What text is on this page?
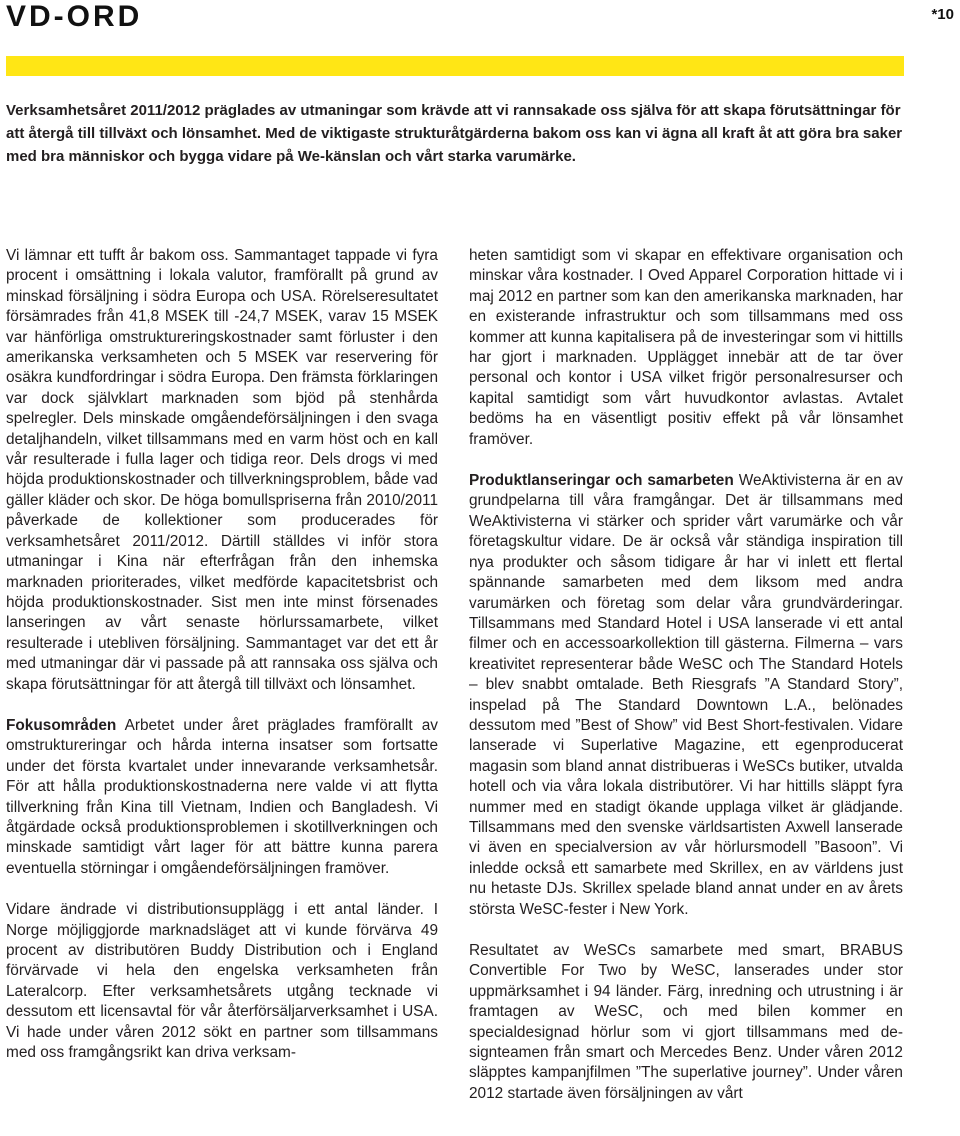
VD-ORD	*10

Verksamhetsåret 2011/2012 präglades av utmaningar som krävde att vi rannsakade oss själva för att skapa förutsättningar för att återgå till tillväxt och lönsamhet. Med de viktigaste strukturåtgärderna bakom oss kan vi ägna all kraft åt att göra bra saker med bra människor och bygga vidare på We-känslan och vårt starka varumärke.

Vi lämnar ett tufft år bakom oss. Sammantaget tappade vi fyra procent i omsättning i lokala valutor, framförallt på grund av minskad försäljning i södra Europa och USA. Rörelseresultatet försämrades från 41,8 MSEK till -24,7 MSEK, varav 15 MSEK var hänförliga omstruktureringskostnader samt förluster i den amerikanska verksamheten och 5 MSEK var reservering för osäkra kundfordringar i södra Europa. Den främsta förklaringen var dock självklart marknaden som bjöd på stenhårda spelregler. Dels minskade omgåendeförsäljningen i den svaga detaljhandeln, vilket tillsammans med en varm höst och en kall vår resulterade i fulla lager och tidiga reor. Dels drogs vi med höjda produktionskostnader och tillverkningsproblem, både vad gäller kläder och skor. De höga bomullspriserna från 2010/2011 påverkade de kollektioner som producerades för verksamhetsåret 2011/2012. Därtill ställdes vi inför stora utmaningar i Kina när efterfrågan från den inhemska marknaden prioriterades, vilket medförde kapacitetsbrist och höjda produktionskostnader. Sist men inte minst försenades lanseringen av vårt senaste hörlurssamarbete, vilket resulterade i utebliven försäljning. Sammantaget var det ett år med utmaningar där vi passade på att rannsaka oss själva och skapa förutsättningar för att återgå till tillväxt och lönsamhet.

Fokusområden Arbetet under året präglades framförallt av omstruktureringar och hårda interna insatser som fortsatte under det första kvartalet under innevarande verksamhetsår. För att hålla produktionskostnaderna nere valde vi att flytta tillverkning från Kina till Vietnam, Indien och Bangladesh. Vi åtgärdade också produktionsproblemen i skotillverkningen och minskade samtidigt vårt lager för att bättre kunna parera eventuella störningar i omgåendeförsäljningen framöver.

Vidare ändrade vi distributionsupplägg i ett antal länder. I Norge möjliggjorde marknadsläget att vi kunde förvärva 49 procent av distributören Buddy Distribution och i England förvärvade vi hela den engelska verksamheten från Lateralcorp. Efter verksamhetsårets utgång tecknade vi dessutom ett licensavtal för vår återförsäljarverksamhet i USA. Vi hade under våren 2012 sökt en partner som tillsammans med oss framgångsrikt kan driva verksam-

heten samtidigt som vi skapar en effektivare organisation och minskar våra kostnader. I Oved Apparel Corporation hittade vi i maj 2012 en partner som kan den amerikanska marknaden, har en existerande infrastruktur och som tillsammans med oss kommer att kunna kapitalisera på de investeringar som vi hittills har gjort i marknaden. Upplägget innebär att de tar över personal och kontor i USA vilket frigör personalresurser och kapital samtidigt som vårt huvudkontor avlastas. Avtalet bedöms ha en väsentligt positiv effekt på vår lönsamhet framöver.

Produktlanseringar och samarbeten WeAktivisterna är en av grundpelarna till våra framgångar. Det är tillsammans med WeAktivisterna vi stärker och sprider vårt varumärke och vår företagskultur vidare. De är också vår ständiga inspiration till nya produkter och såsom tidigare år har vi inlett ett flertal spännande samarbeten med dem liksom med andra varumärken och företag som delar våra grundvärderingar. Tillsammans med Standard Hotel i USA lanserade vi ett antal filmer och en accessoarkollektion till gästerna. Filmerna – vars kreativitet representerar både WeSC och The Standard Hotels – blev snabbt omtalade. Beth Riesgrafs ”A Standard Story”, inspelad på The Standard Downtown L.A., belönades dessutom med ”Best of Show” vid Best Short-festivalen. Vidare lanserade vi Superlative Magazine, ett egenproducerat magasin som bland annat distribueras i WeSCs butiker, utvalda hotell och via våra lokala distributörer. Vi har hittills släppt fyra nummer med en stadigt ökande upplaga vilket är glädjande. Tillsammans med den svenske världsartisten Axwell lanserade vi även en specialversion av vår hörlursmodell ”Basoon”. Vi inledde också ett samarbete med Skrillex, en av världens just nu hetaste DJs. Skrillex spelade bland annat under en av årets största WeSC-fester i New York.

Resultatet av WeSCs samarbete med smart, BRABUS Convertible For Two by WeSC, lanserades under stor uppmärksamhet i 94 länder. Färg, inredning och utrustning i är framtagen av WeSC, och med bilen kommer en specialdesignad hörlur som vi gjort tillsammans med designteamen från smart och Mercedes Benz. Under våren 2012 släpptes kampanjfilmen ”The superlative journey”. Under våren 2012 startade även försäljningen av vårt
